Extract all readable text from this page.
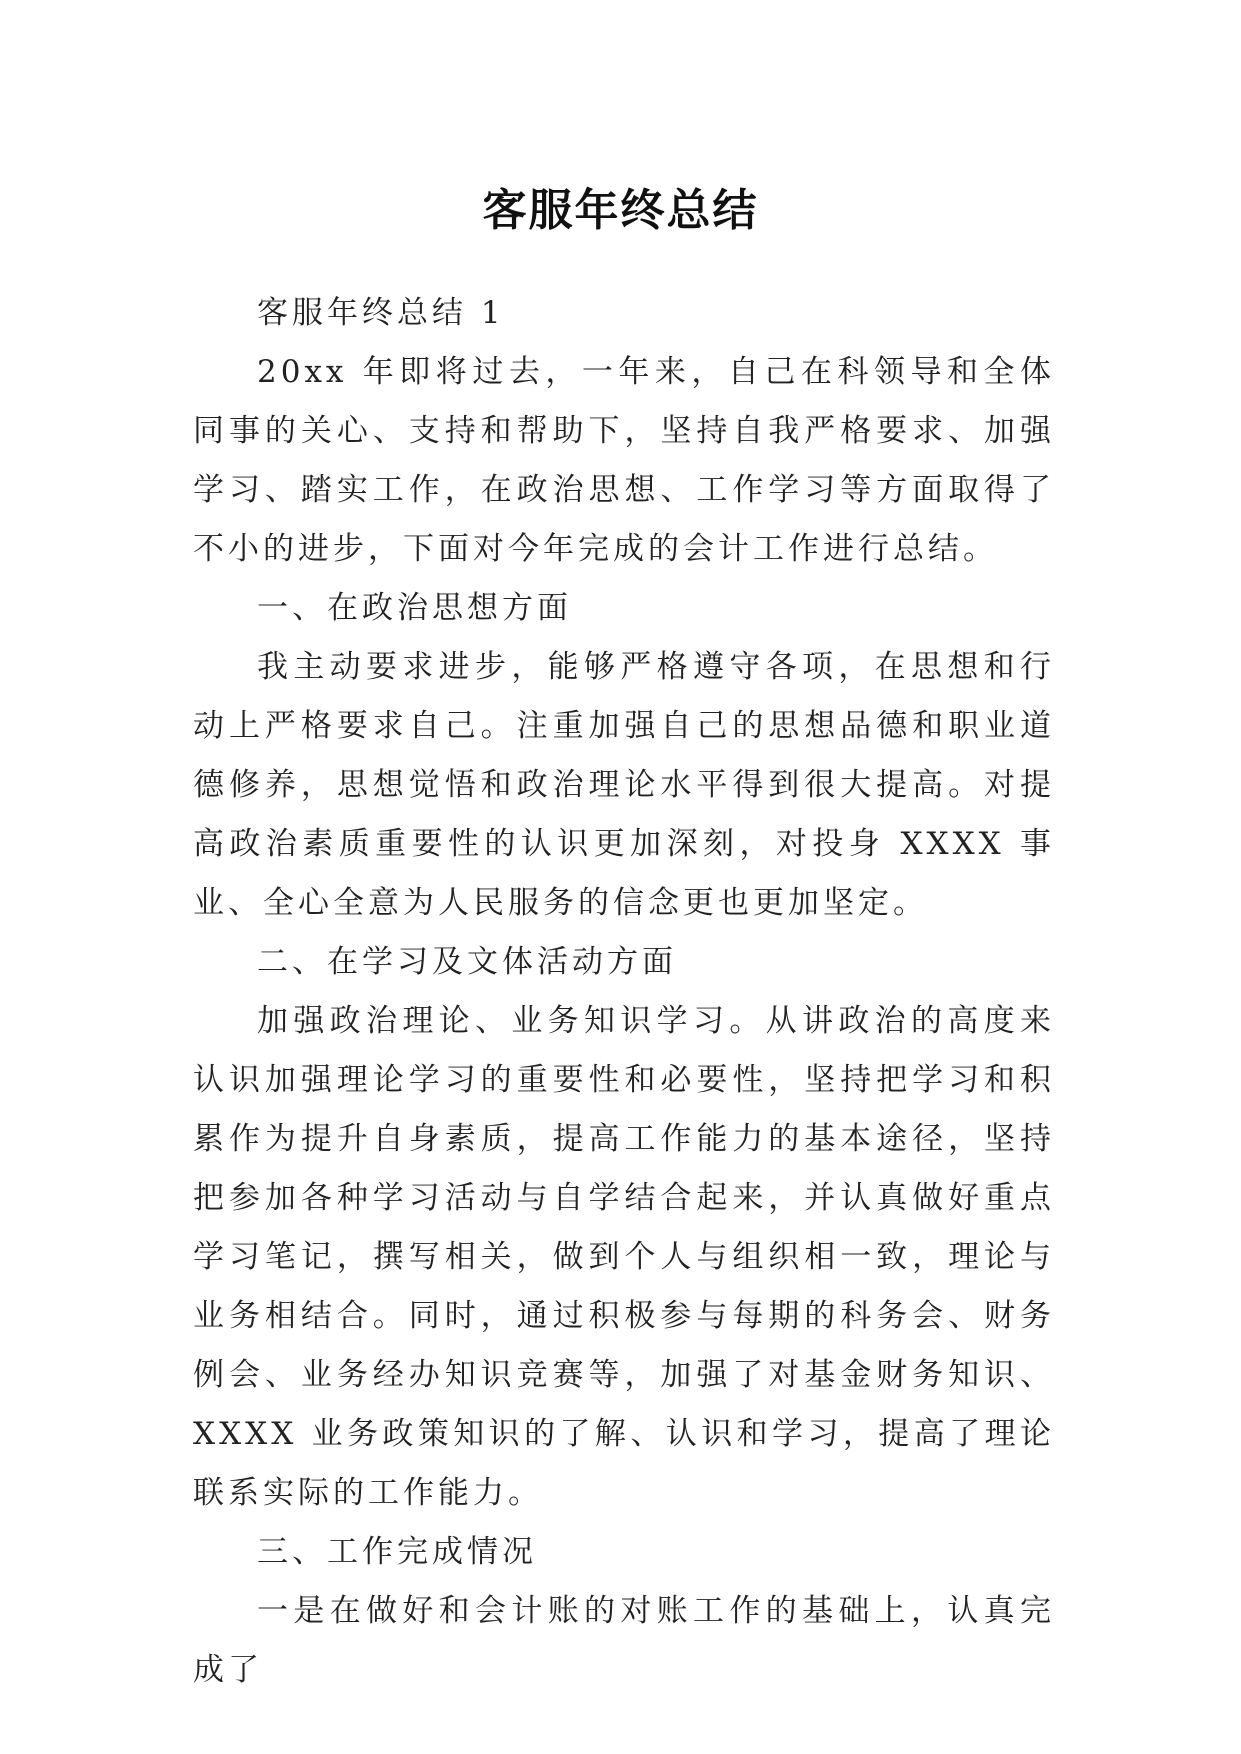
客服年终总结

客服年终总结 1

20xx 年即将过去，一年来，自己在科领导和全体同事的关心、支持和帮助下，坚持自我严格要求、加强学习、踏实工作，在政治思想、工作学习等方面取得了不小的进步，下面对今年完成的会计工作进行总结。

一、在政治思想方面

我主动要求进步，能够严格遵守各项，在思想和行动上严格要求自己。注重加强自己的思想品德和职业道德修养，思想觉悟和政治理论水平得到很大提高。对提高政治素质重要性的认识更加深刻，对投身 XXXX 事业、全心全意为人民服务的信念更也更加坚定。

二、在学习及文体活动方面

加强政治理论、业务知识学习。从讲政治的高度来认识加强理论学习的重要性和必要性，坚持把学习和积累作为提升自身素质，提高工作能力的基本途径，坚持把参加各种学习活动与自学结合起来，并认真做好重点学习笔记，撰写相关，做到个人与组织相一致，理论与业务相结合。同时，通过积极参与每期的科务会、财务例会、业务经办知识竞赛等，加强了对基金财务知识、XXXX 业务政策知识的了解、认识和学习，提高了理论联系实际的工作能力。

三、工作完成情况

一是在做好和会计账的对账工作的基础上，认真完成了
